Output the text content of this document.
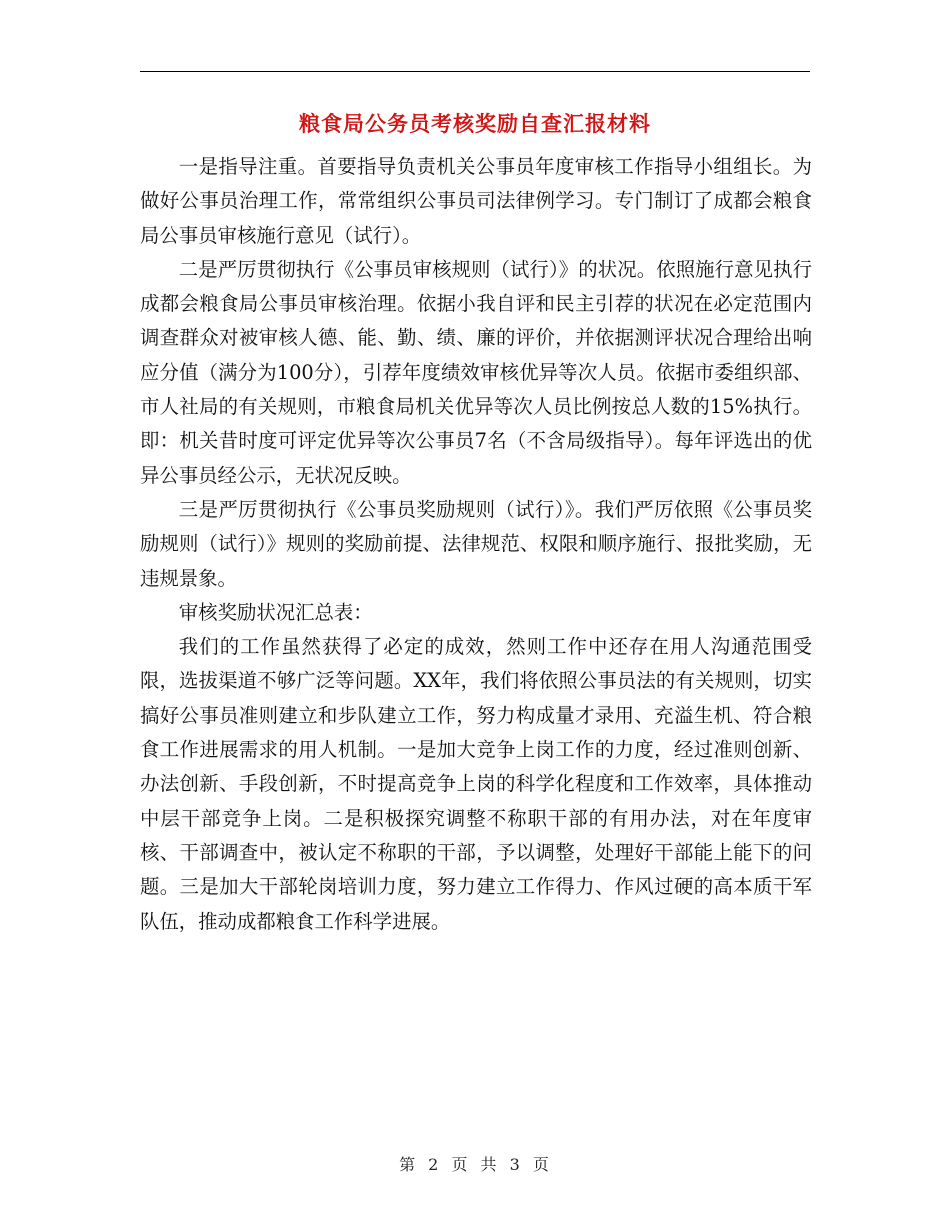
粮食局公务员考核奖励自查汇报材料

一是指导注重。首要指导负责机关公事员年度审核工作指导小组组长。为做好公事员治理工作，常常组织公事员司法律例学习。专门制订了成都会粮食局公事员审核施行意见（试行）。

二是严厉贯彻执行《公事员审核规则（试行）》的状况。依照施行意见执行成都会粮食局公事员审核治理。依据小我自评和民主引荐的状况在必定范围内调查群众对被审核人德、能、勤、绩、廉的评价，并依据测评状况合理给出响应分值（满分为100分），引荐年度绩效审核优异等次人员。依据市委组织部、市人社局的有关规则，市粮食局机关优异等次人员比例按总人数的15%执行。即：机关昔时度可评定优异等次公事员7名（不含局级指导）。每年评选出的优异公事员经公示，无状况反映。

三是严厉贯彻执行《公事员奖励规则（试行）》。我们严厉依照《公事员奖励规则（试行）》规则的奖励前提、法律规范、权限和顺序施行、报批奖励，无违规景象。

审核奖励状况汇总表：

我们的工作虽然获得了必定的成效，然则工作中还存在用人沟通范围受限，选拔渠道不够广泛等问题。XX年，我们将依照公事员法的有关规则，切实搞好公事员准则建立和步队建立工作，努力构成量才录用、充溢生机、符合粮食工作进展需求的用人机制。一是加大竞争上岗工作的力度，经过准则创新、办法创新、手段创新，不时提高竞争上岗的科学化程度和工作效率，具体推动中层干部竞争上岗。二是积极探究调整不称职干部的有用办法，对在年度审核、干部调查中，被认定不称职的干部，予以调整，处理好干部能上能下的问题。三是加大干部轮岗培训力度，努力建立工作得力、作风过硬的高本质干军队伍，推动成都粮食工作科学进展。

第 2 页 共 3 页
